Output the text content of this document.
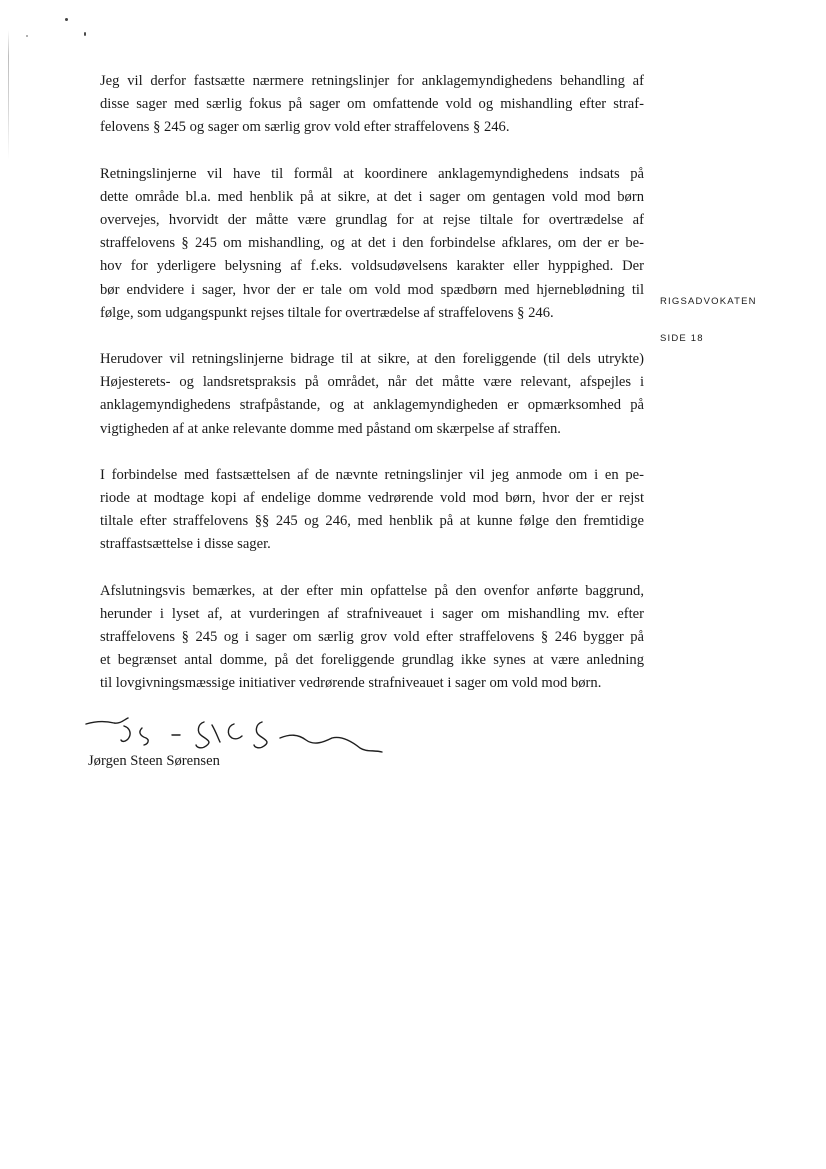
Jeg vil derfor fastsætte nærmere retningslinjer for anklagemyndighedens behandling af
disse sager med særlig fokus på sager om omfattende vold og mishandling efter straf-
felovens § 245 og sager om særlig grov vold efter straffelovens § 246.

Retningslinjerne vil have til formål at koordinere anklagemyndighedens indsats på
dette område bl.a. med henblik på at sikre, at det i sager om gentagen vold mod børn
overvejes, hvorvidt der måtte være grundlag for at rejse tiltale for overtrædelse af
straffelovens § 245 om mishandling, og at det i den forbindelse afklares, om der er be-
hov for yderligere belysning af f.eks. voldsudøvelsens karakter eller hyppighed. Der
bør endvidere i sager, hvor der er tale om vold mod spædbørn med hjerneblødning til
følge, som udgangspunkt rejses tiltale for overtrædelse af straffelovens § 246.

Herudover vil retningslinjerne bidrage til at sikre, at den foreliggende (til dels utrykte)
Højesterets- og landsretspraksis på området, når det måtte være relevant, afspejles i
anklagemyndighedens strafpåstande, og at anklagemyndigheden er opmærksomhed på
vigtigheden af at anke relevante domme med påstand om skærpelse af straffen.

I forbindelse med fastsættelsen af de nævnte retningslinjer vil jeg anmode om i en pe-
riode at modtage kopi af endelige domme vedrørende vold mod børn, hvor der er rejst
tiltale efter straffelovens §§ 245 og 246, med henblik på at kunne følge den fremtidige
straffastsættelse i disse sager.

Afslutningsvis bemærkes, at der efter min opfattelse på den ovenfor anførte baggrund,
herunder i lyset af, at vurderingen af strafniveauet i sager om mishandling mv. efter
straffelovens § 245 og i sager om særlig grov vold efter straffelovens § 246 bygger på
et begrænset antal domme, på det foreliggende grundlag ikke synes at være anledning
til lovgivningsmæssige initiativer vedrørende strafniveauet i sager om vold mod børn.

RIGSADVOKATEN
SIDE 18
Jørgen Steen Sørensen
